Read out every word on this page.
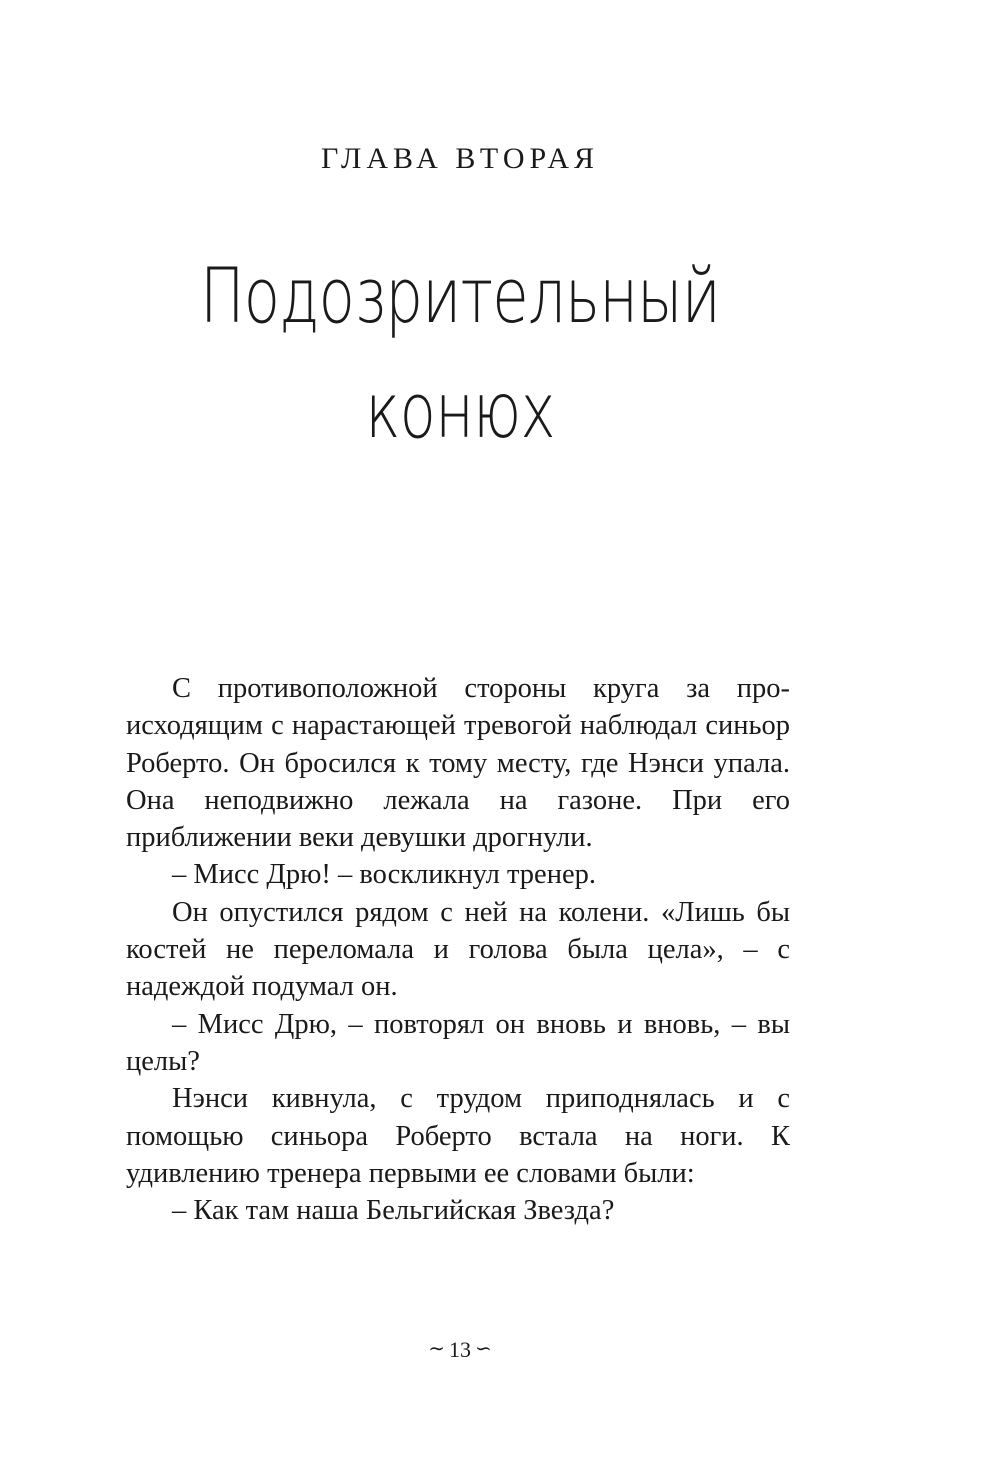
ГЛАВА ВТОРАЯ
Подозрительный
конюх

С противоположной стороны круга за происходящим с нарастающей тревогой наблюдал синьор Роберто. Он бросился к тому месту, где Нэнси упала. Она неподвижно лежала на газоне. При его приближении веки девушки дрогнули.

– Мисс Дрю! – воскликнул тренер.

Он опустился рядом с ней на колени. «Лишь бы костей не переломала и голова была цела», – с надеждой подумал он.

– Мисс Дрю, – повторял он вновь и вновь, – вы целы?

Нэнси кивнула, с трудом приподнялась и с помощью синьора Роберто встала на ноги. К удивлению тренера первыми ее словами были:

– Как там наша Бельгийская Звезда?

∼ 13 ∽
